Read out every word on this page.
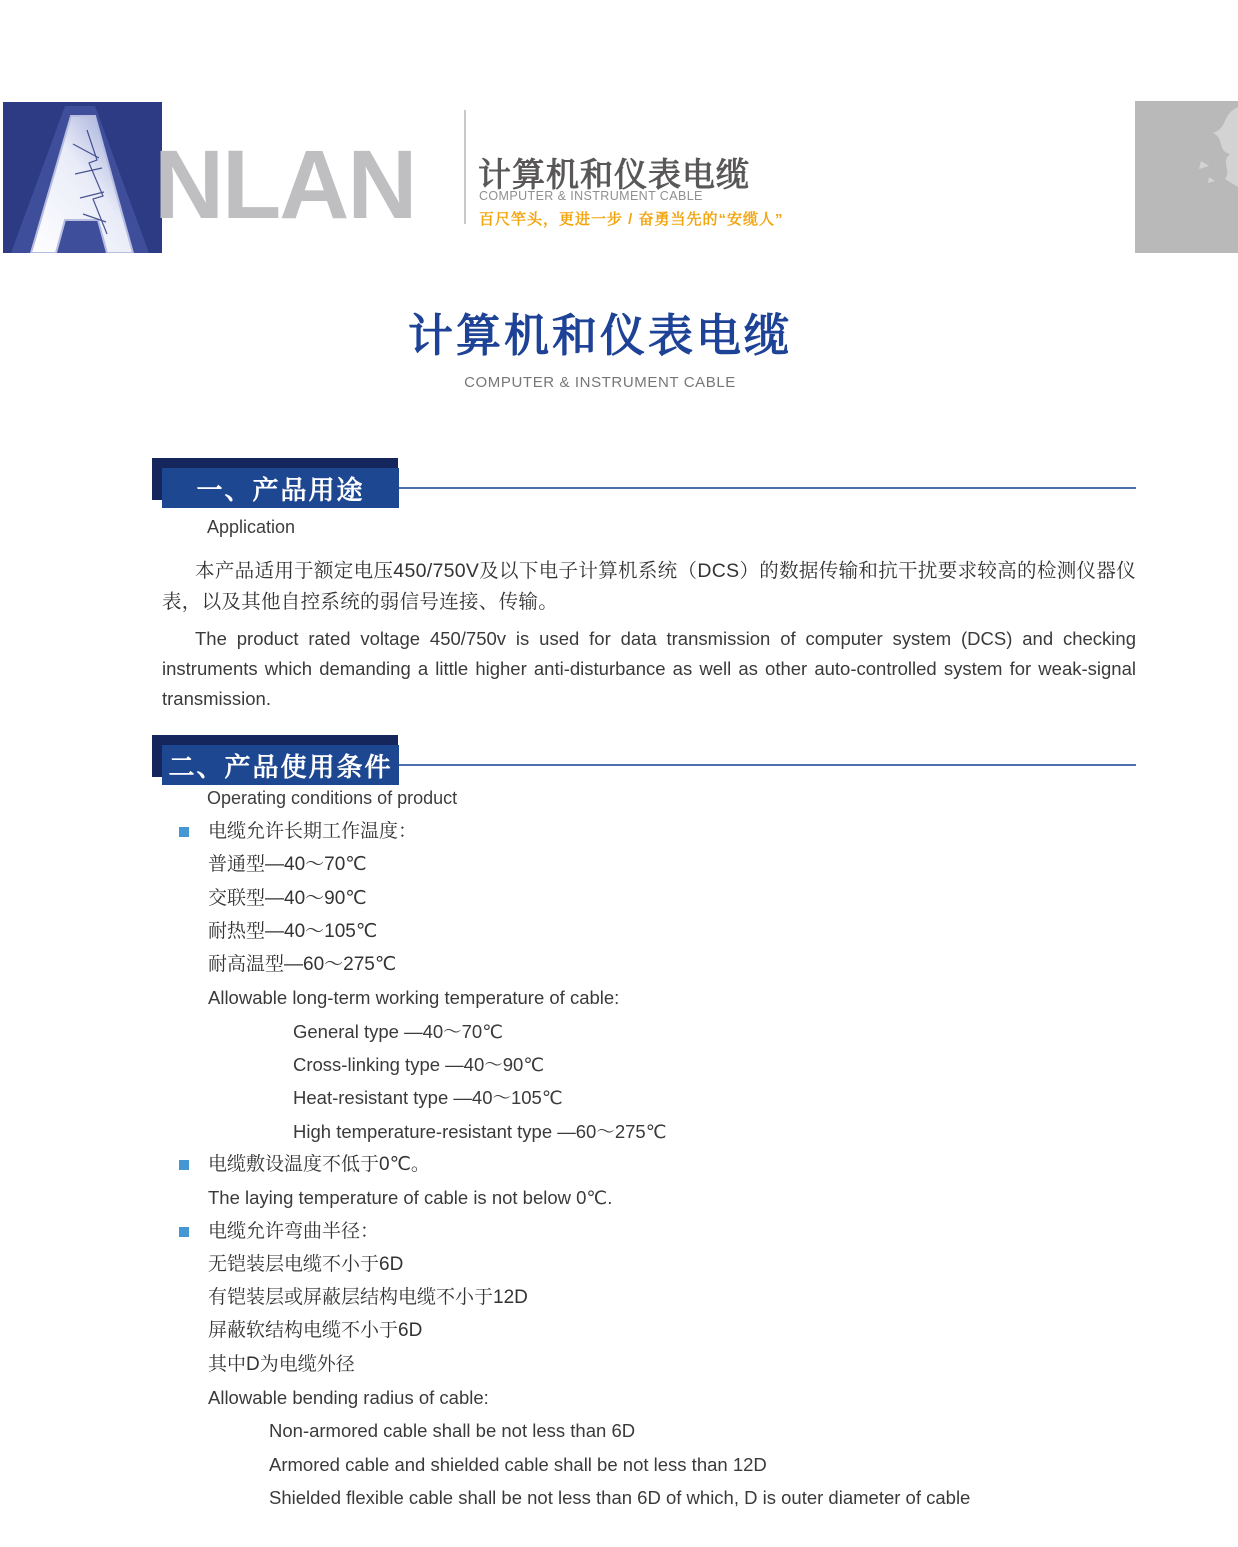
NLAN 计算机和仪表电缆
COMPUTER & INSTRUMENT CABLE
百尺竿头，更进一步 / 奋勇当先的“安缆人”
计算机和仪表电缆
COMPUTER & INSTRUMENT CABLE
一、产品用途
Application

本产品适用于额定电压450/750V及以下电子计算机系统（DCS）的数据传输和抗干扰要求较高的检测仪器仪表，以及其他自控系统的弱信号连接、传输。

The product rated voltage 450/750v is used for data transmission of computer system (DCS) and checking instruments which demanding a little higher anti-disturbance as well as other auto-controlled system for weak-signal transmission.

二、产品使用条件
Operating conditions of product
电缆允许长期工作温度：
普通型—40～70℃
交联型—40～90℃
耐热型—40～105℃
耐高温型—60～275℃
Allowable long-term working temperature of cable:
General type —40～70℃
Cross-linking type —40～90℃
Heat-resistant type —40～105℃
High temperature-resistant type —60～275℃
电缆敷设温度不低于0℃。
The laying temperature of cable is not below 0℃.
电缆允许弯曲半径：
无铠装层电缆不小于6D
有铠装层或屏蔽层结构电缆不小于12D
屏蔽软结构电缆不小于6D
其中D为电缆外径
Allowable bending radius of cable:
Non-armored cable shall be not less than 6D
Armored cable and shielded cable shall be not less than 12D
Shielded flexible cable shall be not less than 6D of which, D is outer diameter of cable
